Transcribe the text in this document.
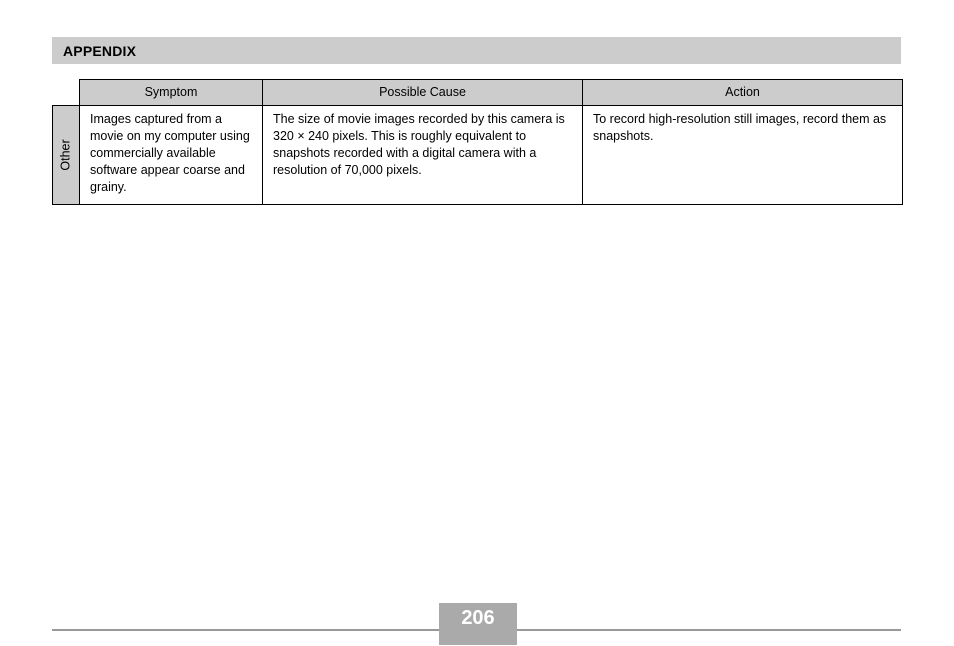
APPENDIX
	Symptom	Possible Cause	Action

Other	Images captured from a movie on my computer using commercially available software appear coarse and grainy.	The size of movie images recorded by this camera is 320 × 240 pixels. This is roughly equivalent to snapshots recorded with a digital camera with a resolution of 70,000 pixels.	To record high-resolution still images, record them as snapshots.
206
